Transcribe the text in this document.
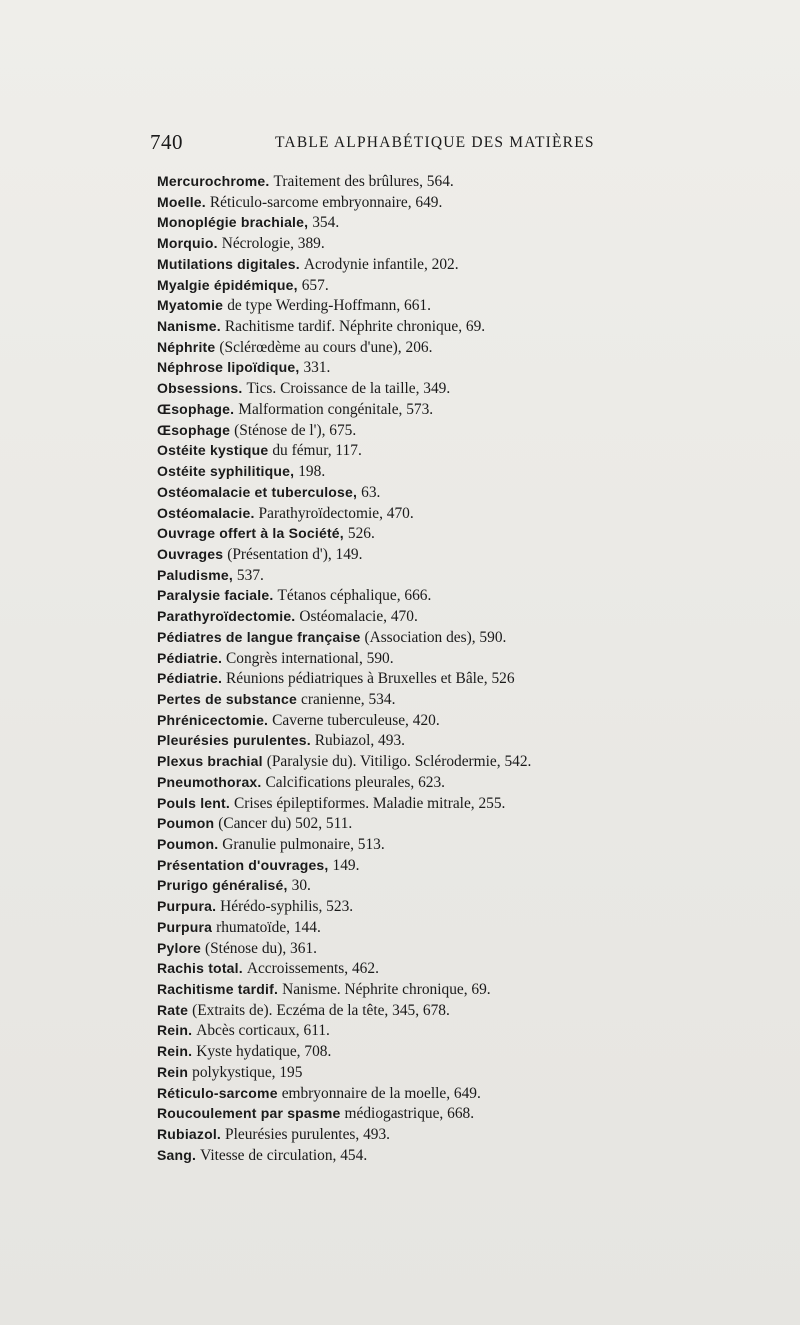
740	TABLE ALPHABÉTIQUE DES MATIÈRES
Mercurochrome. Traitement des brûlures, 564.
Moelle. Réticulo-sarcome embryonnaire, 649.
Monoplégie brachiale, 354.
Morquio. Nécrologie, 389.
Mutilations digitales. Acrodynie infantile, 202.
Myalgie épidémique, 657.
Myatomie de type Werding-Hoffmann, 661.
Nanisme. Rachitisme tardif. Néphrite chronique, 69.
Néphrite (Sclérœdème au cours d'une), 206.
Néphrose lipoïdique, 331.
Obsessions. Tics. Croissance de la taille, 349.
Œsophage. Malformation congénitale, 573.
Œsophage (Sténose de l'), 675.
Ostéite kystique du fémur, 117.
Ostéite syphilitique, 198.
Ostéomalacie et tuberculose, 63.
Ostéomalacie. Parathyroïdectomie, 470.
Ouvrage offert à la Société, 526.
Ouvrages (Présentation d'), 149.
Paludisme, 537.
Paralysie faciale. Tétanos céphalique, 666.
Parathyroïdectomie. Ostéomalacie, 470.
Pédiatres de langue française (Association des), 590.
Pédiatrie. Congrès international, 590.
Pédiatrie. Réunions pédiatriques à Bruxelles et Bâle, 526
Pertes de substance cranienne, 534.
Phrénicectomie. Caverne tuberculeuse, 420.
Pleurésies purulentes. Rubiazol, 493.
Plexus brachial (Paralysie du). Vitiligo. Sclérodermie, 542.
Pneumothorax. Calcifications pleurales, 623.
Pouls lent. Crises épileptiformes. Maladie mitrale, 255.
Poumon (Cancer du) 502, 511.
Poumon. Granulie pulmonaire, 513.
Présentation d'ouvrages, 149.
Prurigo généralisé, 30.
Purpura. Hérédo-syphilis, 523.
Purpura rhumatoïde, 144.
Pylore (Sténose du), 361.
Rachis total. Accroissements, 462.
Rachitisme tardif. Nanisme. Néphrite chronique, 69.
Rate (Extraits de). Eczéma de la tête, 345, 678.
Rein. Abcès corticaux, 611.
Rein. Kyste hydatique, 708.
Rein polykystique, 195
Réticulo-sarcome embryonnaire de la moelle, 649.
Roucoulement par spasme médiogastrique, 668.
Rubiazol. Pleurésies purulentes, 493.
Sang. Vitesse de circulation, 454.
